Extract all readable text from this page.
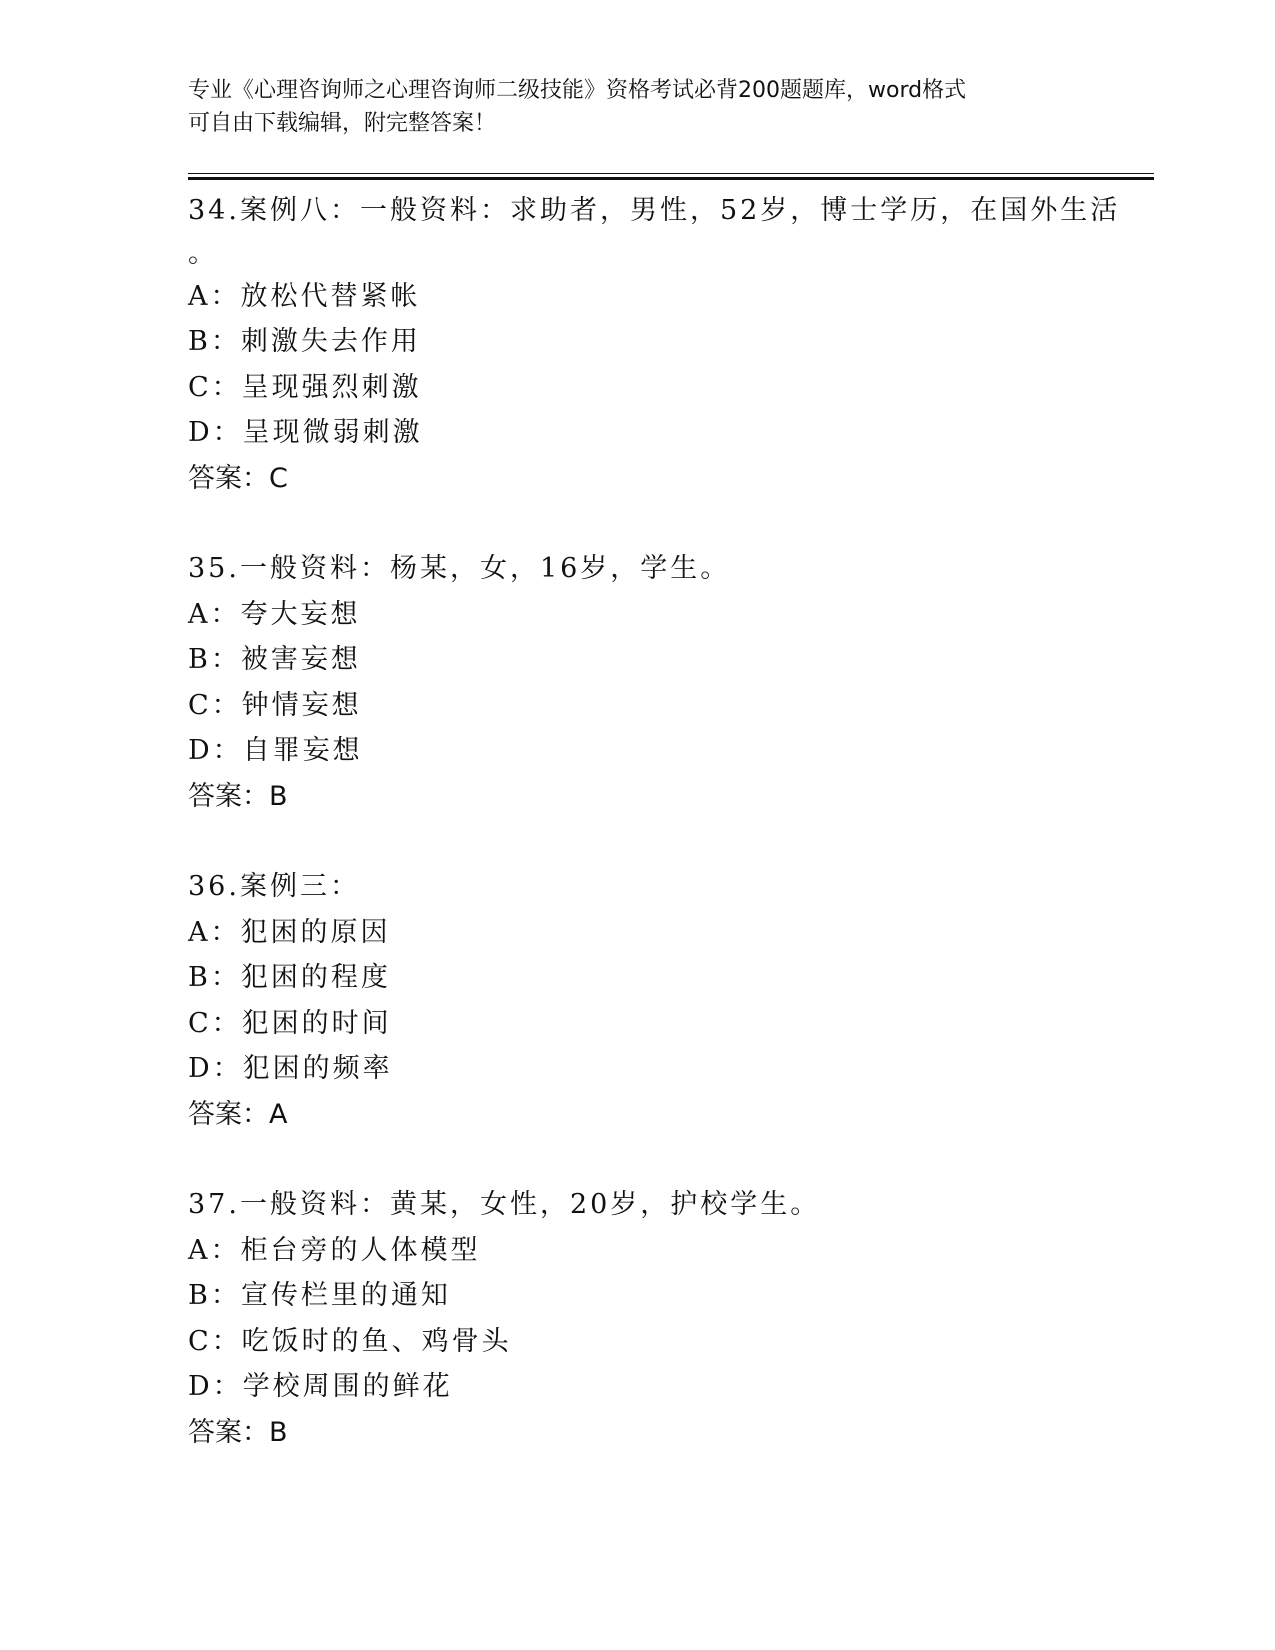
专业《心理咨询师之心理咨询师二级技能》资格考试必背200题题库，word格式
可自由下载编辑，附完整答案！
34.案例八：一般资料：求助者，男性，52岁，博士学历，在国外生活
。
A：放松代替紧帐
B：刺激失去作用
C：呈现强烈刺激
D：呈现微弱刺激
答案：C
35.一般资料：杨某，女，16岁，学生。
A：夸大妄想
B：被害妄想
C：钟情妄想
D：自罪妄想
答案：B
36.案例三：
A：犯困的原因
B：犯困的程度
C：犯困的时间
D：犯困的频率
答案：A
37.一般资料：黄某，女性，20岁，护校学生。
A：柜台旁的人体模型
B：宣传栏里的通知
C：吃饭时的鱼、鸡骨头
D：学校周围的鲜花
答案：B
